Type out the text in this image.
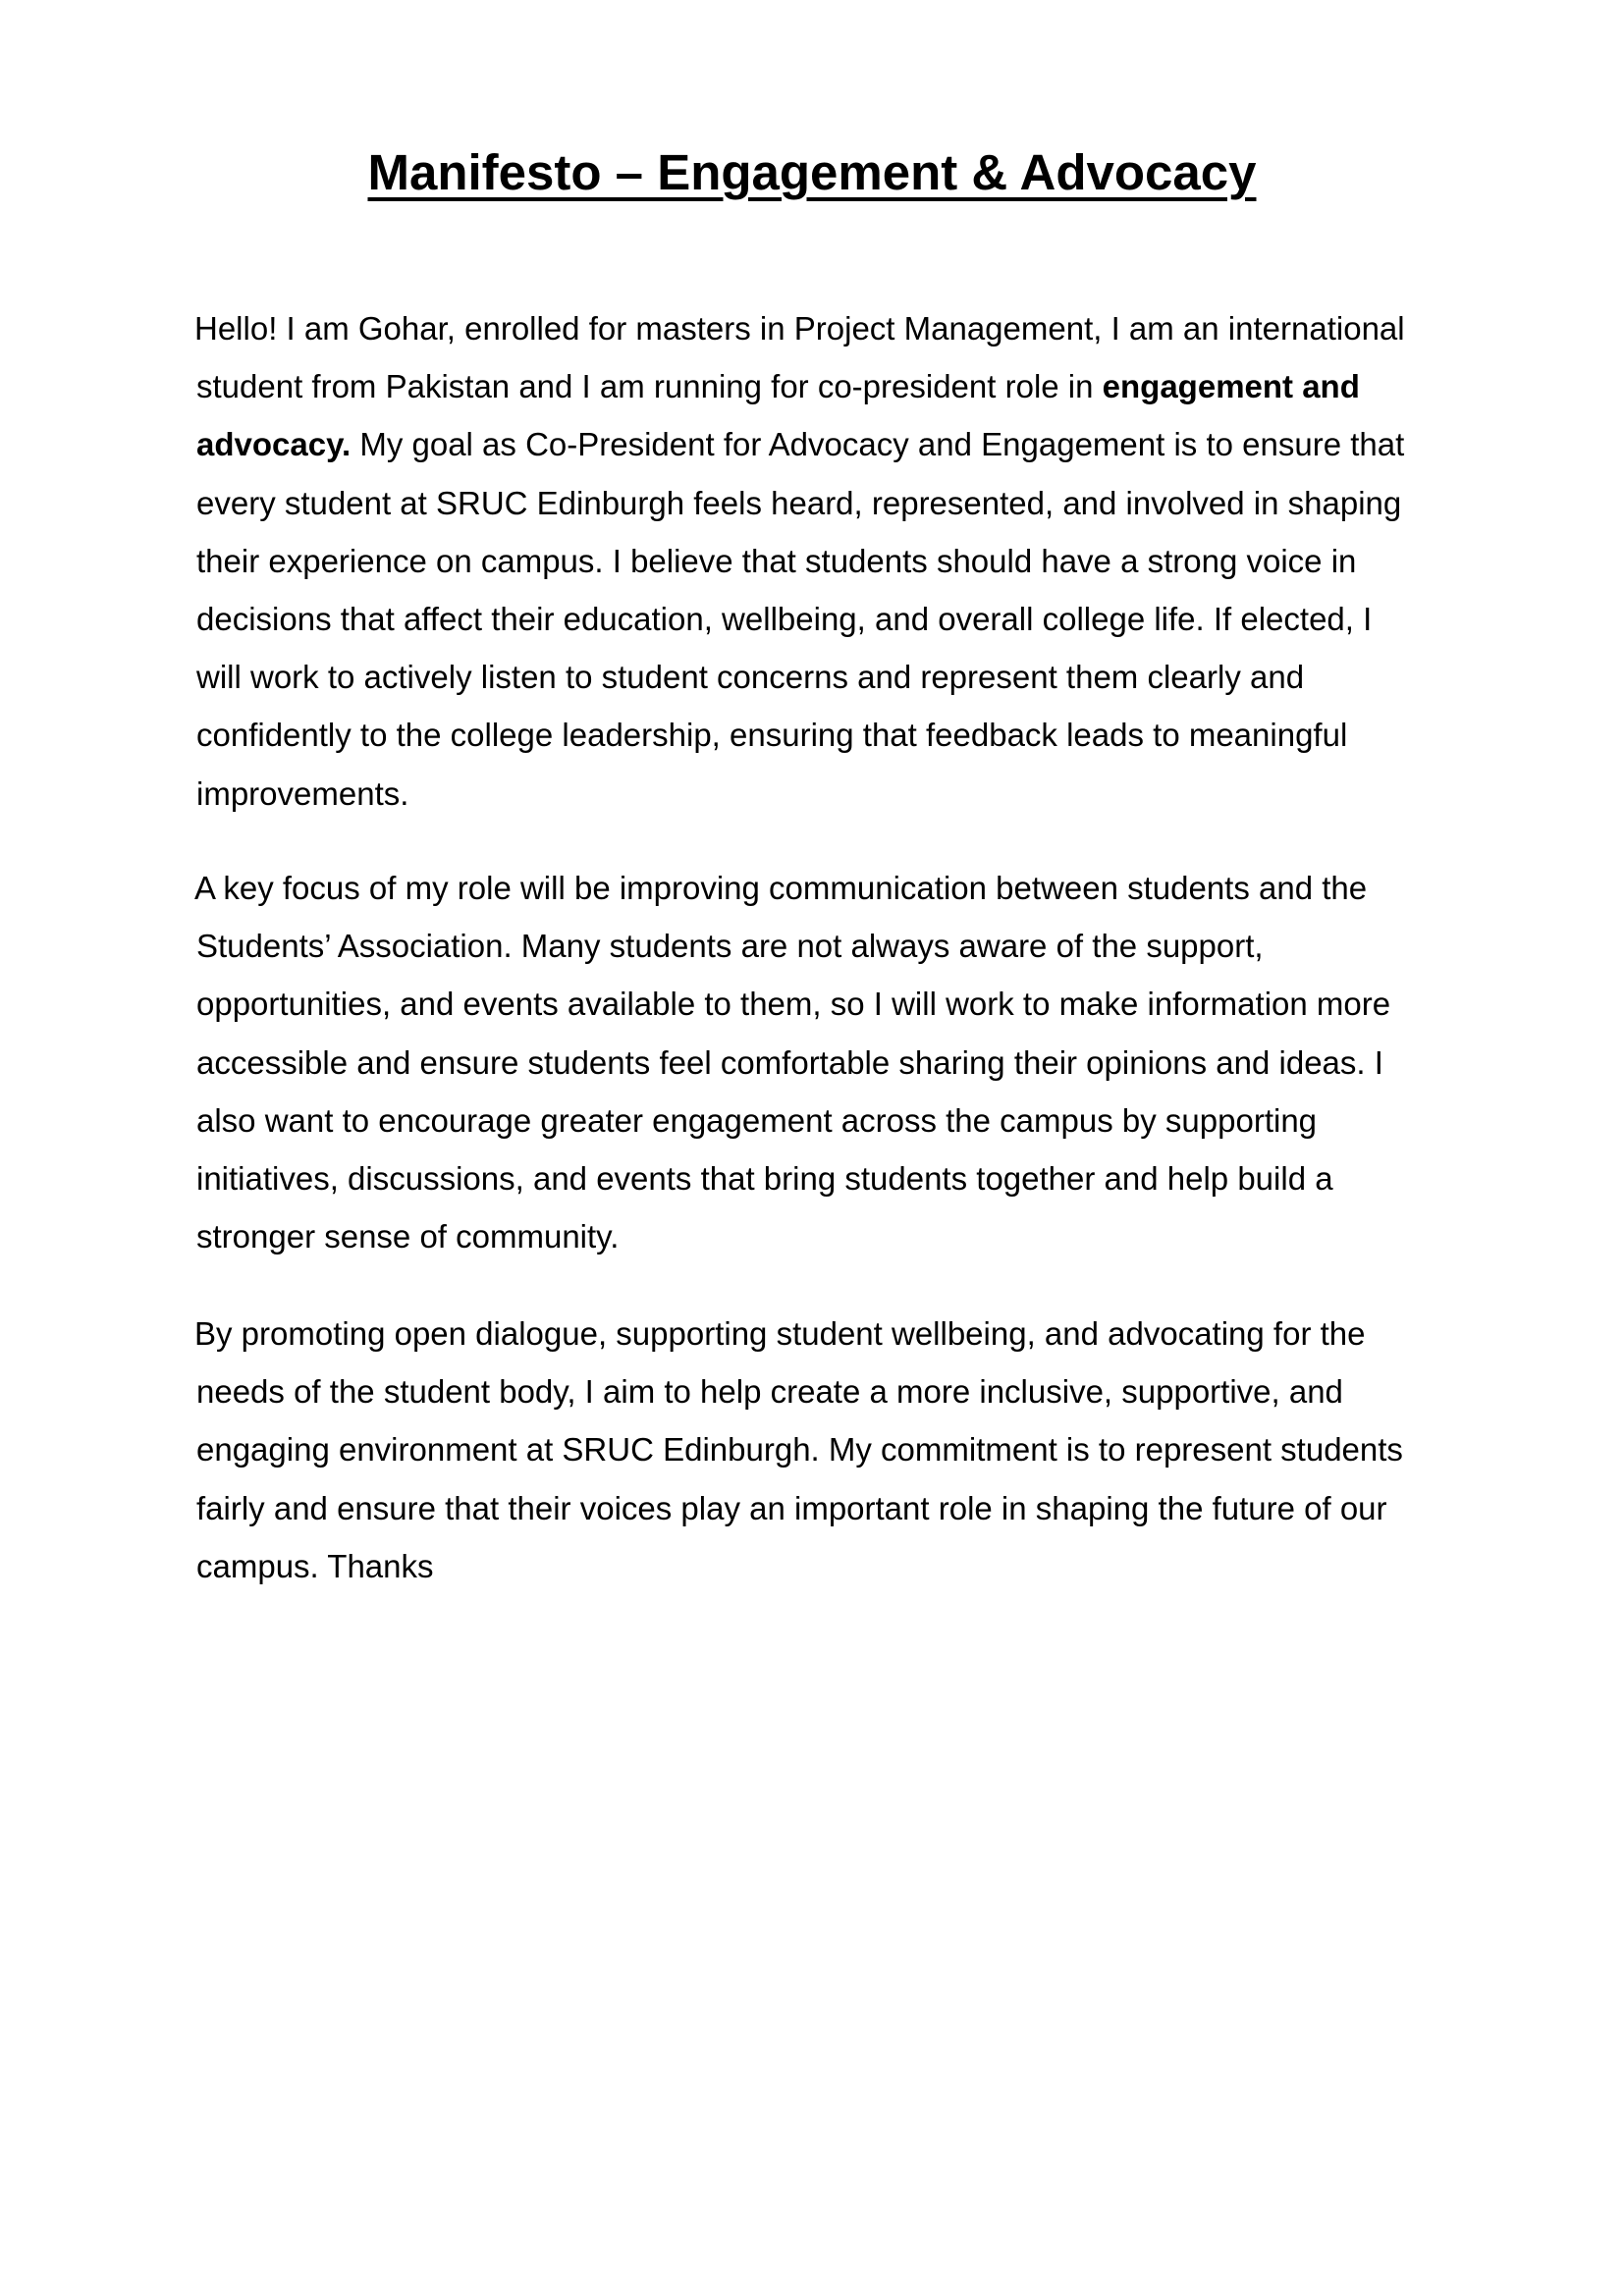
Manifesto – Engagement & Advocacy
Hello! I am Gohar, enrolled for masters in Project Management, I am an international
student from Pakistan and I am running for co-president role in engagement and
advocacy. My goal as Co-President for Advocacy and Engagement is to ensure that
every student at SRUC Edinburgh feels heard, represented, and involved in shaping
their experience on campus. I believe that students should have a strong voice in
decisions that affect their education, wellbeing, and overall college life. If elected, I
will work to actively listen to student concerns and represent them clearly and
confidently to the college leadership, ensuring that feedback leads to meaningful
improvements.
A key focus of my role will be improving communication between students and the
Students’ Association. Many students are not always aware of the support,
opportunities, and events available to them, so I will work to make information more
accessible and ensure students feel comfortable sharing their opinions and ideas. I
also want to encourage greater engagement across the campus by supporting
initiatives, discussions, and events that bring students together and help build a
stronger sense of community.
By promoting open dialogue, supporting student wellbeing, and advocating for the
needs of the student body, I aim to help create a more inclusive, supportive, and
engaging environment at SRUC Edinburgh. My commitment is to represent students
fairly and ensure that their voices play an important role in shaping the future of our
campus. Thanks
